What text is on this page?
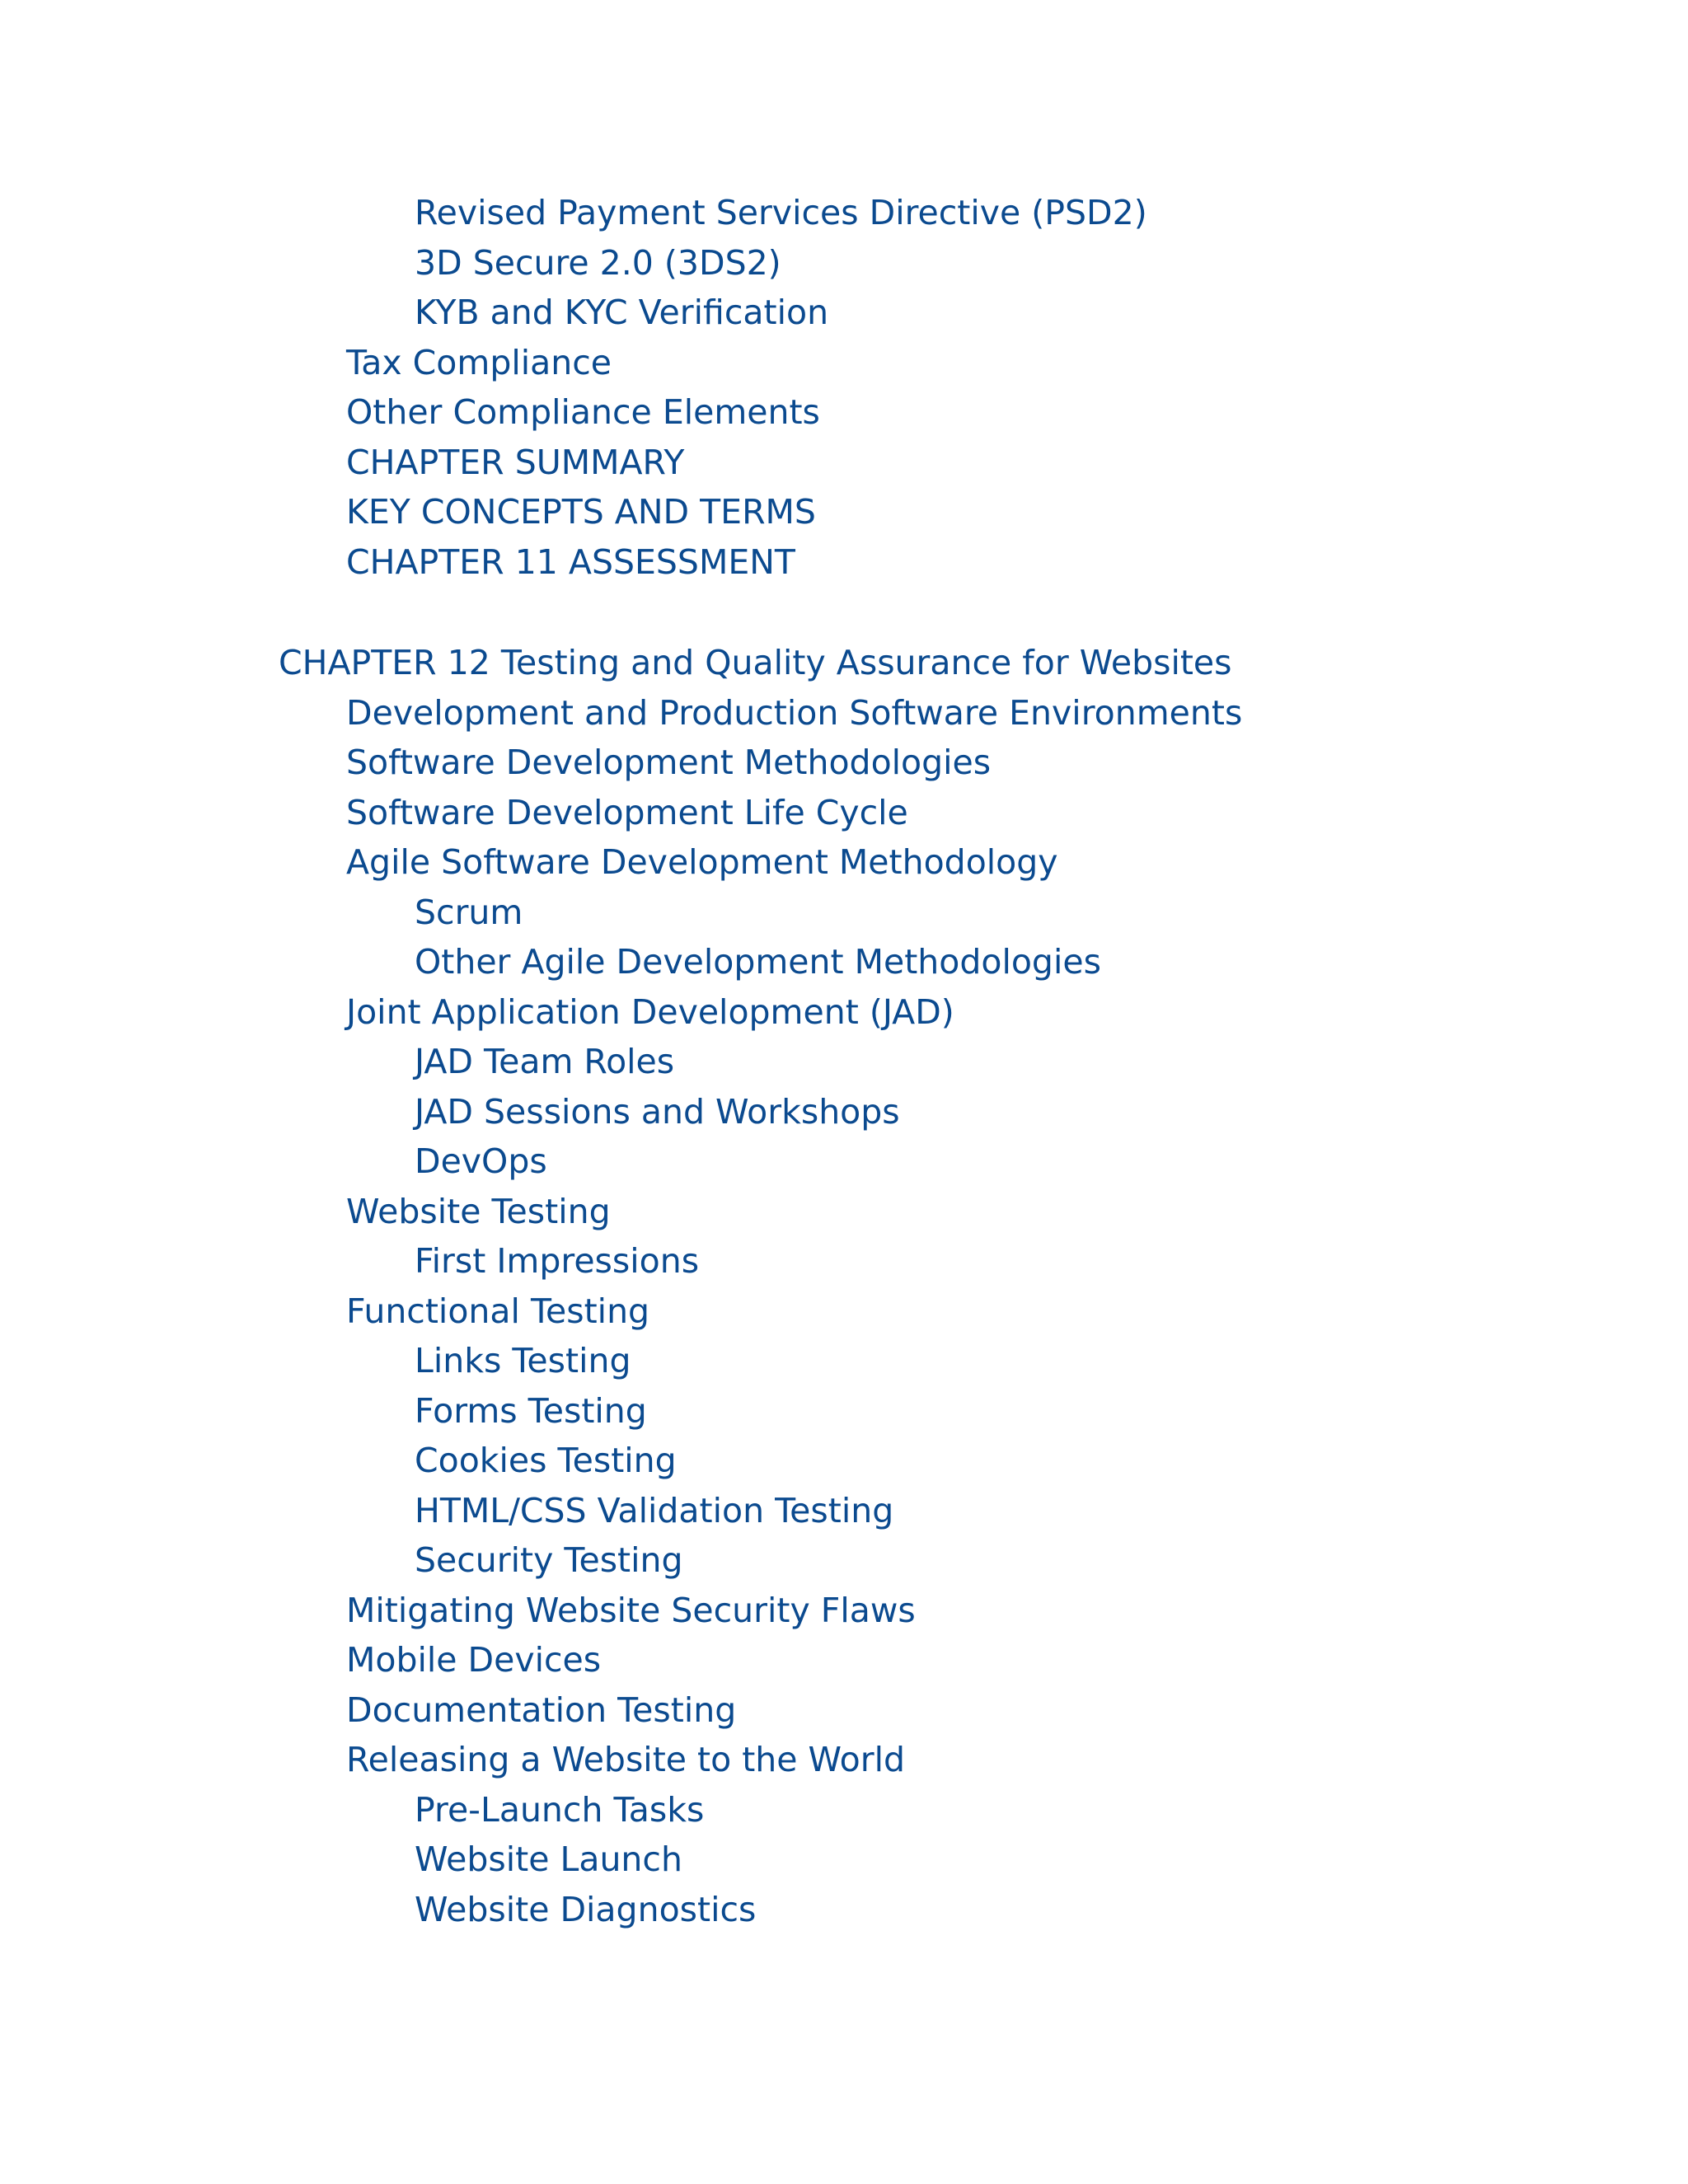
Revised Payment Services Directive (PSD2)
3D Secure 2.0 (3DS2)
KYB and KYC Verification
Tax Compliance
Other Compliance Elements
CHAPTER SUMMARY
KEY CONCEPTS AND TERMS
CHAPTER 11 ASSESSMENT
CHAPTER 12 Testing and Quality Assurance for Websites
Development and Production Software Environments
Software Development Methodologies
Software Development Life Cycle
Agile Software Development Methodology
Scrum
Other Agile Development Methodologies
Joint Application Development (JAD)
JAD Team Roles
JAD Sessions and Workshops
DevOps
Website Testing
First Impressions
Functional Testing
Links Testing
Forms Testing
Cookies Testing
HTML/CSS Validation Testing
Security Testing
Mitigating Website Security Flaws
Mobile Devices
Documentation Testing
Releasing a Website to the World
Pre-Launch Tasks
Website Launch
Website Diagnostics
